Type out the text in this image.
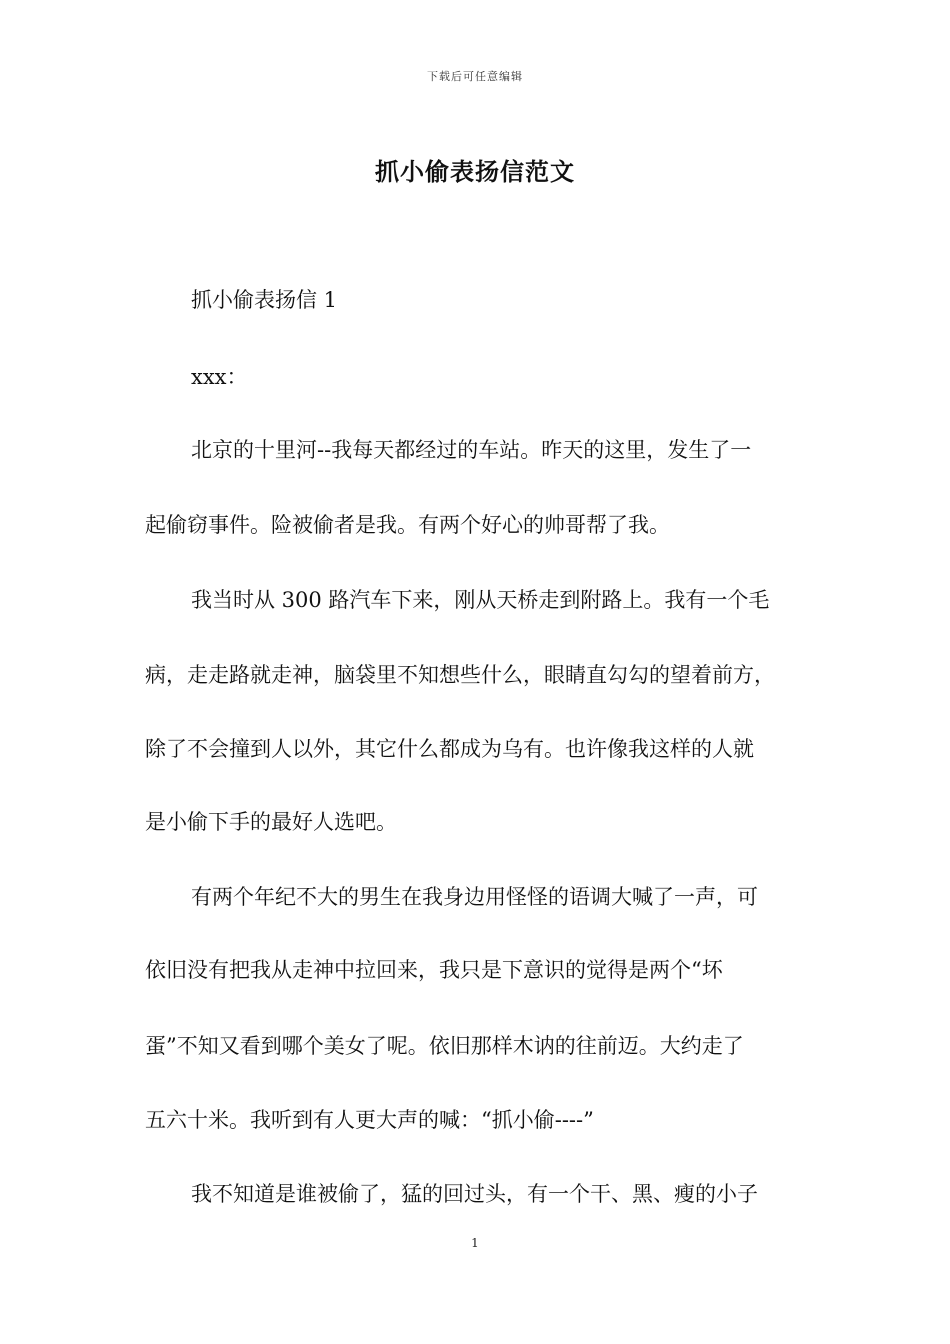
下载后可任意编辑
抓小偷表扬信范文
抓小偷表扬信 1
xxx：
北京的十里河--我每天都经过的车站。昨天的这里，发生了一
起偷窃事件。险被偷者是我。有两个好心的帅哥帮了我。
我当时从 300 路汽车下来，刚从天桥走到附路上。我有一个毛
病，走走路就走神，脑袋里不知想些什么，眼睛直勾勾的望着前方，
除了不会撞到人以外，其它什么都成为乌有。也许像我这样的人就
是小偷下手的最好人选吧。
有两个年纪不大的男生在我身边用怪怪的语调大喊了一声，可
依旧没有把我从走神中拉回来，我只是下意识的觉得是两个“坏
蛋”不知又看到哪个美女了呢。依旧那样木讷的往前迈。大约走了
五六十米。我听到有人更大声的喊：“抓小偷----”
我不知道是谁被偷了，猛的回过头，有一个干、黑、瘦的小子
1
